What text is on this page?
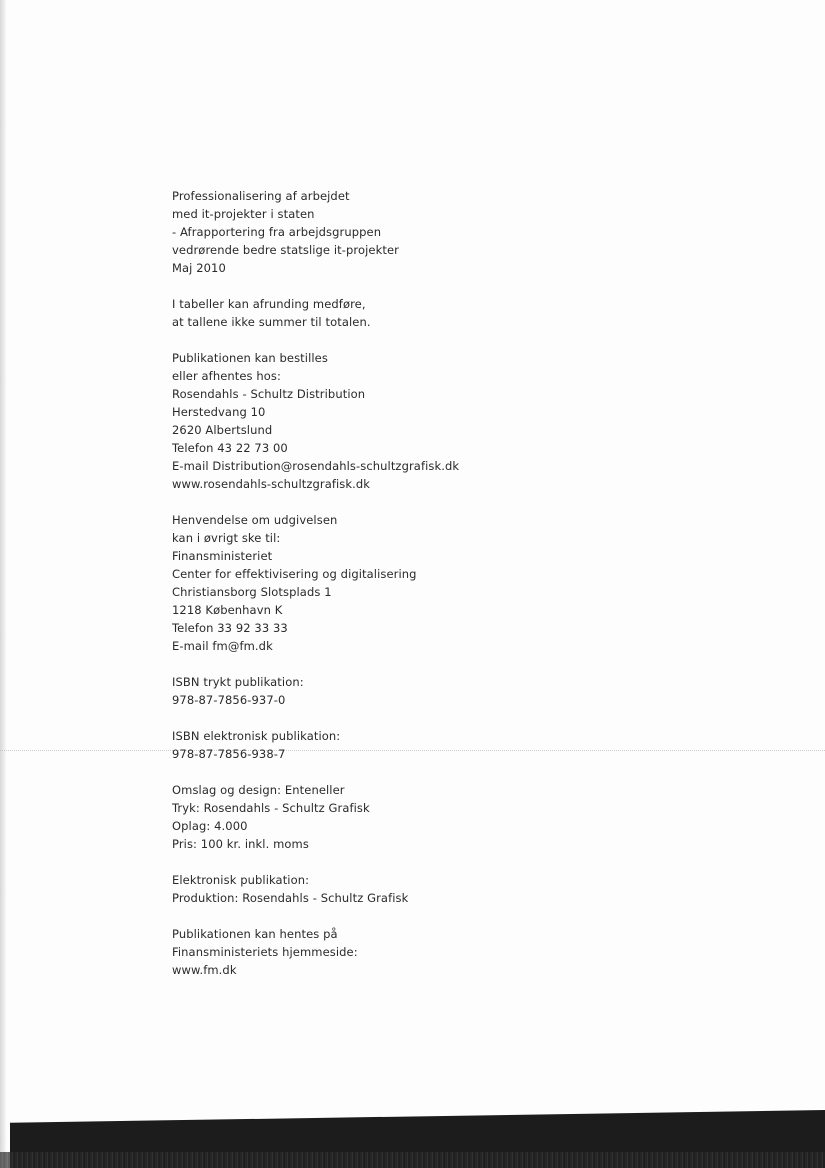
Professionalisering af arbejdet
med it-projekter i staten
- Afrapportering fra arbejdsgruppen
vedrørende bedre statslige it-projekter
Maj 2010
I tabeller kan afrunding medføre,
at tallene ikke summer til totalen.
Publikationen kan bestilles
eller afhentes hos:
Rosendahls - Schultz Distribution
Herstedvang 10
2620 Albertslund
Telefon 43 22 73 00
E-mail Distribution@rosendahls-schultzgrafisk.dk
www.rosendahls-schultzgrafisk.dk
Henvendelse om udgivelsen
kan i øvrigt ske til:
Finansministeriet
Center for effektivisering og digitalisering
Christiansborg Slotsplads 1
1218 København K
Telefon 33 92 33 33
E-mail fm@fm.dk
ISBN trykt publikation:
978-87-7856-937-0
ISBN elektronisk publikation:
978-87-7856-938-7
Omslag og design: Enteneller
Tryk: Rosendahls - Schultz Grafisk
Oplag: 4.000
Pris: 100 kr. inkl. moms
Elektronisk publikation:
Produktion: Rosendahls - Schultz Grafisk
Publikationen kan hentes på
Finansministeriets hjemmeside:
www.fm.dk
